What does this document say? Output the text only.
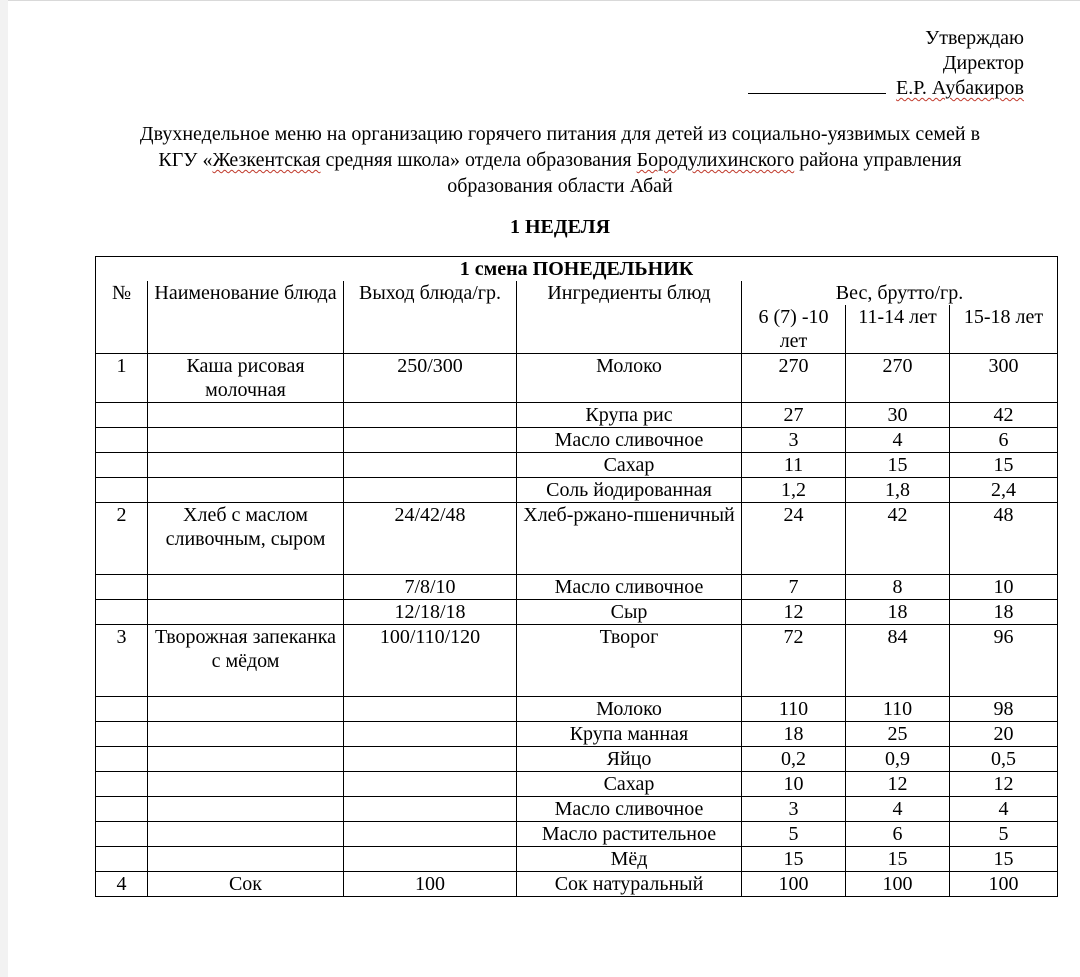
Утверждаю
Директор
Е.Р. Аубакиров
Двухнедельное меню на организацию горячего питания для детей из социально-уязвимых семей в
КГУ «Жезкентская средняя школа» отдела образования Бородулихинского района управления
образования области Абай
1 НЕДЕЛЯ
1 смена ПОНЕДЕЛЬНИК						
№	Наименование блюда	Выход блюда/гр.	Ингредиенты блюд	Вес, брутто/гр.		
				6 (7) -10 лет	11-14 лет	15-18 лет
1	Каша рисовая молочная	250/300	Молоко	270	270	300
			Крупа рис	27	30	42
			Масло сливочное	3	4	6
			Сахар	11	15	15
			Соль йодированная	1,2	1,8	2,4
2	Хлеб с маслом сливочным, сыром	24/42/48	Хлеб-ржано-пшеничный	24	42	48
		7/8/10	Масло сливочное	7	8	10
		12/18/18	Сыр	12	18	18
3	Творожная запеканка с мёдом	100/110/120	Творог	72	84	96
			Молоко	110	110	98
			Крупа манная	18	25	20
			Яйцо	0,2	0,9	0,5
			Сахар	10	12	12
			Масло сливочное	3	4	4
			Масло растительное	5	6	5
			Мёд	15	15	15
4	Сок	100	Сок натуральный	100	100	100
